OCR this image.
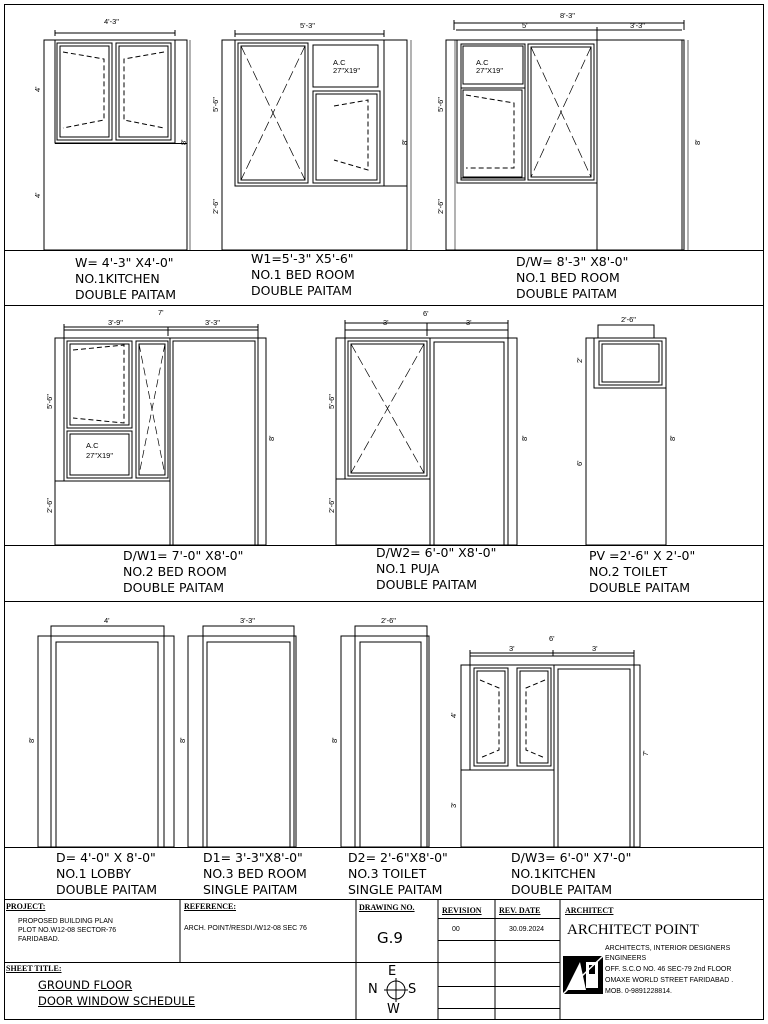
4'-3"
4'
4'
8'
5'-3"
5'-6"
2'-6"
8'
8'-3"
5'	3'-3"
5'-6"
2'-6"
8'
7'
3'-9"	3'-3"
5'-6"
2'-6"
8'
6'
3'	3'
5'-6"
2'-6"
8'
2'-6"
2'
6'
8'
4'
8'
3'-3"
8'
2'-6"
8'
6'
3'	3'
4'
3'
7'
A.C
27"X19"
A.C
27"X19"
A.C
27"X19"
W= 4'-3" X4'-0"
NO.1KITCHEN
DOUBLE PAITAM
W1=5'-3" X5'-6"
NO.1 BED ROOM
DOUBLE PAITAM
D/W= 8'-3" X8'-0"
NO.1 BED ROOM
DOUBLE PAITAM
D/W1= 7'-0" X8'-0"
NO.2 BED ROOM
DOUBLE PAITAM
D/W2= 6'-0" X8'-0"
NO.1 PUJA
DOUBLE PAITAM
PV =2'-6" X 2'-0"
NO.2 TOILET
DOUBLE PAITAM
D= 4'-0" X 8'-0"
NO.1 LOBBY
DOUBLE PAITAM
D1= 3'-3"X8'-0"
NO.3 BED ROOM
SINGLE PAITAM
D2= 2'-6"X8'-0"
NO.3 TOILET
SINGLE PAITAM
D/W3= 6'-0" X7'-0"
NO.1KITCHEN
DOUBLE PAITAM
PROJECT:
PROPOSED BUILDING PLAN
PLOT NO.W12-08 SECTOR-76
FARIDABAD.
REFERENCE:
ARCH. POINT/RESDI./W12-08 SEC 76
DRAWING NO.
G.9
REVISION
00
REV. DATE
30.09.2024
ARCHITECT
ARCHITECT POINT
ARCHITECTS, INTERIOR DESIGNERS
ENGINEERS
OFF. S.C.O NO. 46 SEC-79 2nd FLOOR
OMAXE WORLD STREET FARIDABAD .
MOB. 0-9891228814.
SHEET TITLE:
GROUND FLOOR
DOOR WINDOW SCHEDULE
N S
E
W
